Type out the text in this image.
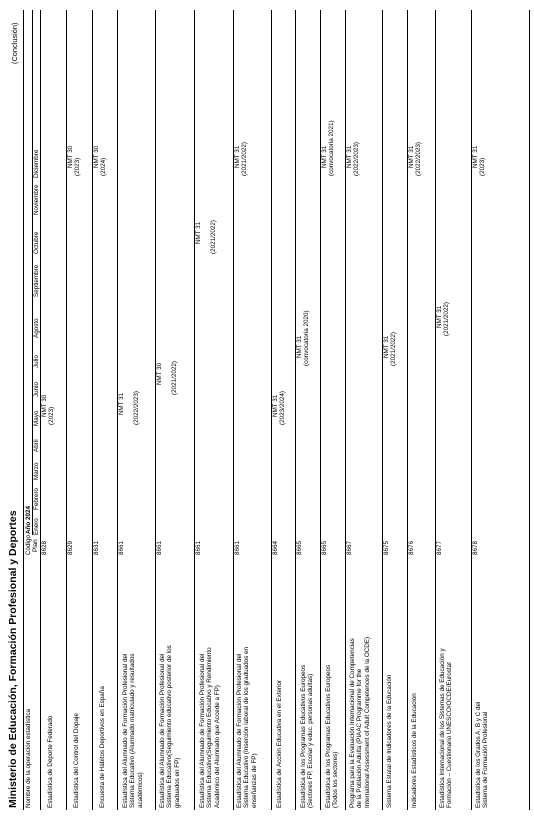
Ministerio de Educación, Formación Profesional y Deportes
(Conclusión)
Nombre de la operación estadística
Código
Año 2024
Plan
Enero
Febrero
Marzo
Abril
Mayo
Junio
Julio
Agosto
Septiembre
Octubre
Noviembre
Diciembre
Estadística de Deporte Federado
8628
NMT 30 (2023)
Estadística del Control del Dopaje
8629
NMT 30 (2023)
Encuesta de Hábitos Deportivos en España
8631
NMT 30 (2024)
Estadística del Alumnado de Formación Profesional del Sistema Educativo (Alumnado matriculado y resultados académicos)
8661
NMT 31 (2022/2023)
Estadística del Alumnado de Formación Profesional del Sistema Educativo(Seguimiento educativo posterior de los graduados en FP)
8661
NMT 30 (2021/2022)
Estadística del Alumnado de Formación Profesional del Sistema Educativo(Seguimiento Educativo y Rendimiento Académico del Alumnado que Accede a FP)
8661
NMT 31 (2021/2022)
Estadística del Alumnado de Formación Profesional del Sistema Educativo (Inserción laboral de los graduados en enseñanzas de FP)
8661
NMT 31 (2021/2022)
Estadística de Acción Educativa en el Exterior
8664
NMT 31 (2023/2024)
Estadística de los Programas Educativos Europeos (Sectores FP, Escolar y educ. personas adultas)
8665
NMT 31 (convocatoria 2020)
Estadística de los Programas Educativos Europeos (Todos los sectores)
8665
NMT 31 (convocatoria 2021)
Programa para la Evaluación Internacional de Competencias de la Población Adulta (PIAAC Programme for the International Assessment of Adult Competences de la OCDE)
8667
NMT 31 (2022/2023)
Sistema Estatal de Indicadores de la Educación
8675
NMT 31 (2021/2022)
Indicadores Estadísticos de la Educación
8676
NMT 31 (2022/2023)
Estadística Internacional de los Sistemas de Educación y Formación – Cuestionario UNESCO/OCDE/Eurostat
8677
NMT 31 (2021/2022)
Estadística de los Grados A, B y C del Sistema de Formación Profesional
8678
NMT 31 (2023)
